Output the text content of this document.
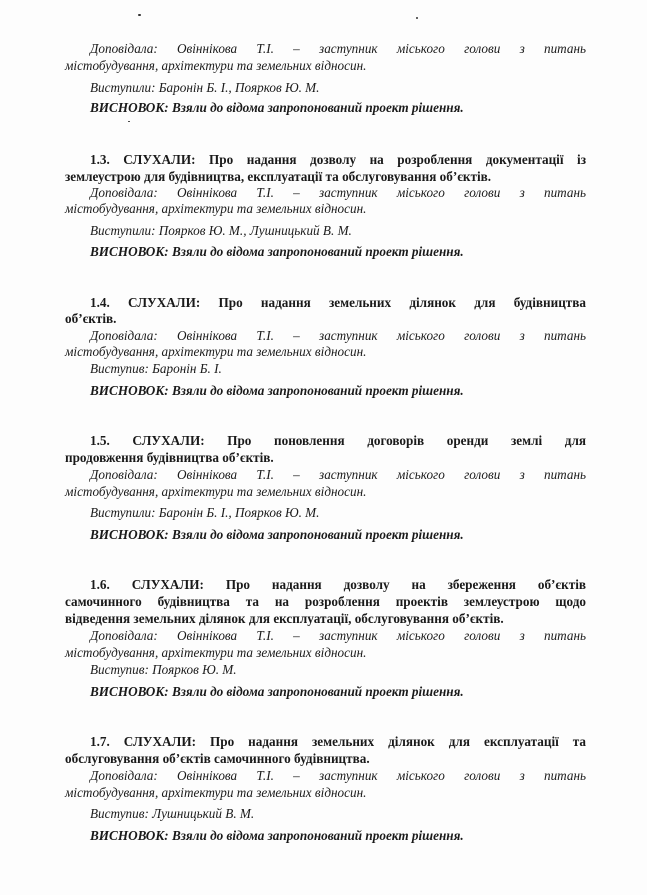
Доповідала: Овіннікова Т.І. – заступник міського голови з питань
містобудування, архітектури та земельних відносин.
Виступили: Баронін Б. І., Поярков Ю. М.
ВИСНОВОК: Взяли до відома запропонований проект рішення.
1.3. СЛУХАЛИ: Про надання дозволу на розроблення документації із
землеустрою для будівництва, експлуатації та обслуговування об’єктів.
Доповідала: Овіннікова Т.І. – заступник міського голови з питань
містобудування, архітектури та земельних відносин.
Виступили: Поярков Ю. М., Лушницький В. М.
ВИСНОВОК: Взяли до відома запропонований проект рішення.
1.4. СЛУХАЛИ: Про надання земельних ділянок для будівництва
об’єктів.
Доповідала: Овіннікова Т.І. – заступник міського голови з питань
містобудування, архітектури та земельних відносин.
Виступив: Баронін Б. І.
ВИСНОВОК: Взяли до відома запропонований проект рішення.
1.5. СЛУХАЛИ: Про поновлення договорів оренди землі для
продовження будівництва об’єктів.
Доповідала: Овіннікова Т.І. – заступник міського голови з питань
містобудування, архітектури та земельних відносин.
Виступили: Баронін Б. І., Поярков Ю. М.
ВИСНОВОК: Взяли до відома запропонований проект рішення.
1.6. СЛУХАЛИ: Про надання дозволу на збереження об’єктів
самочинного будівництва та на розроблення проектів землеустрою щодо
відведення земельних ділянок для експлуатації, обслуговування об’єктів.
Доповідала: Овіннікова Т.І. – заступник міського голови з питань
містобудування, архітектури та земельних відносин.
Виступив: Поярков Ю. М.
ВИСНОВОК: Взяли до відома запропонований проект рішення.
1.7. СЛУХАЛИ: Про надання земельних ділянок для експлуатації та
обслуговування об’єктів самочинного будівництва.
Доповідала: Овіннікова Т.І. – заступник міського голови з питань
містобудування, архітектури та земельних відносин.
Виступив: Лушницький В. М.
ВИСНОВОК: Взяли до відома запропонований проект рішення.
